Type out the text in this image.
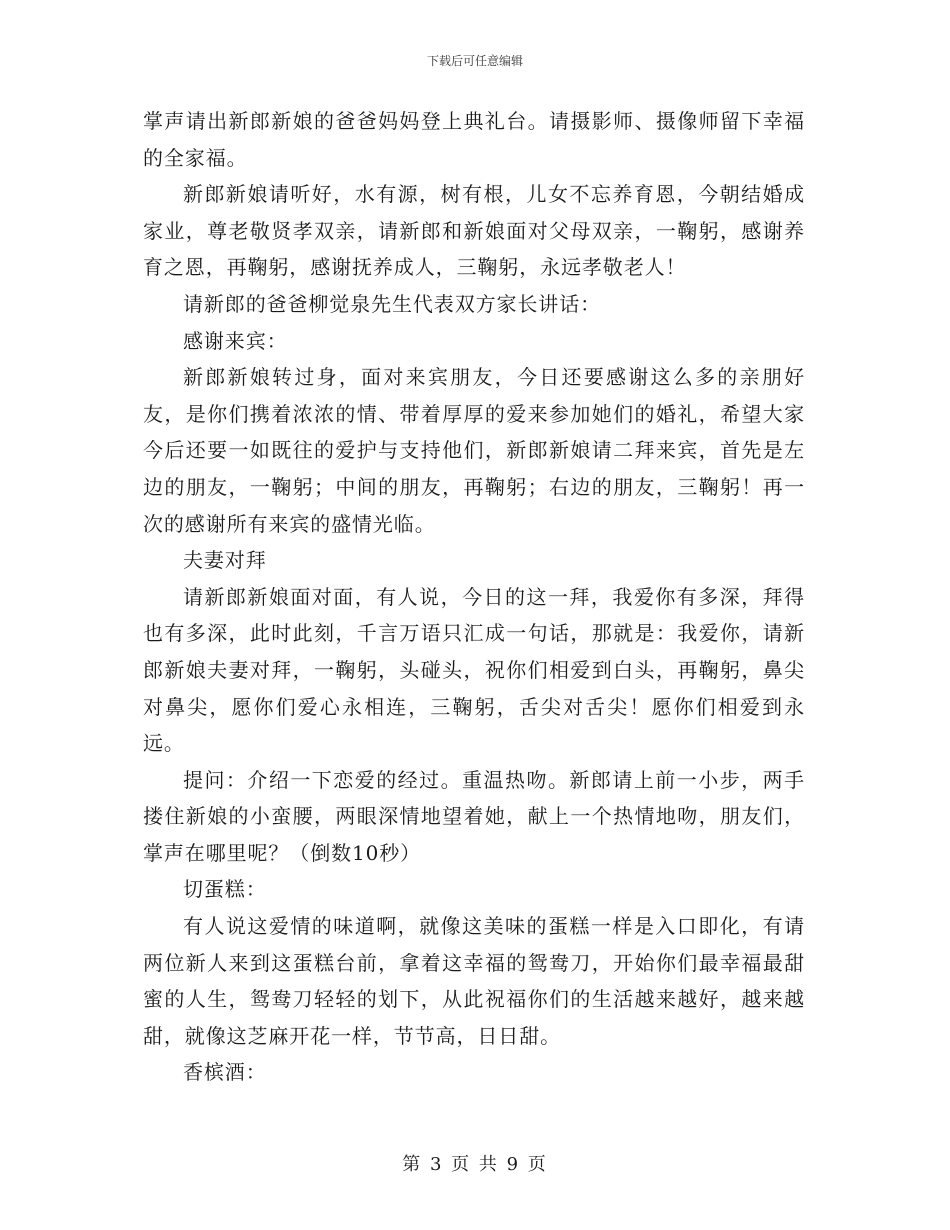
下载后可任意编辑

掌声请出新郎新娘的爸爸妈妈登上典礼台。请摄影师、摄像师留下幸福的全家福。

新郎新娘请听好，水有源，树有根，儿女不忘养育恩，今朝结婚成家业，尊老敬贤孝双亲，请新郎和新娘面对父母双亲，一鞠躬，感谢养育之恩，再鞠躬，感谢抚养成人，三鞠躬，永远孝敬老人！

请新郎的爸爸柳觉泉先生代表双方家长讲话：

感谢来宾：

新郎新娘转过身，面对来宾朋友，今日还要感谢这么多的亲朋好友，是你们携着浓浓的情、带着厚厚的爱来参加她们的婚礼，希望大家今后还要一如既往的爱护与支持他们，新郎新娘请二拜来宾，首先是左边的朋友，一鞠躬；中间的朋友，再鞠躬；右边的朋友，三鞠躬！再一次的感谢所有来宾的盛情光临。

夫妻对拜

请新郎新娘面对面，有人说，今日的这一拜，我爱你有多深，拜得也有多深，此时此刻，千言万语只汇成一句话，那就是：我爱你，请新郎新娘夫妻对拜，一鞠躬，头碰头，祝你们相爱到白头，再鞠躬，鼻尖对鼻尖，愿你们爱心永相连，三鞠躬，舌尖对舌尖！愿你们相爱到永远。

提问：介绍一下恋爱的经过。重温热吻。新郎请上前一小步，两手搂住新娘的小蛮腰，两眼深情地望着她，献上一个热情地吻，朋友们，掌声在哪里呢？（倒数10秒）

切蛋糕：

有人说这爱情的味道啊，就像这美味的蛋糕一样是入口即化，有请两位新人来到这蛋糕台前，拿着这幸福的鸳鸯刀，开始你们最幸福最甜蜜的人生，鸳鸯刀轻轻的划下，从此祝福你们的生活越来越好，越来越甜，就像这芝麻开花一样，节节高，日日甜。

香槟酒：

第 3 页 共 9 页
